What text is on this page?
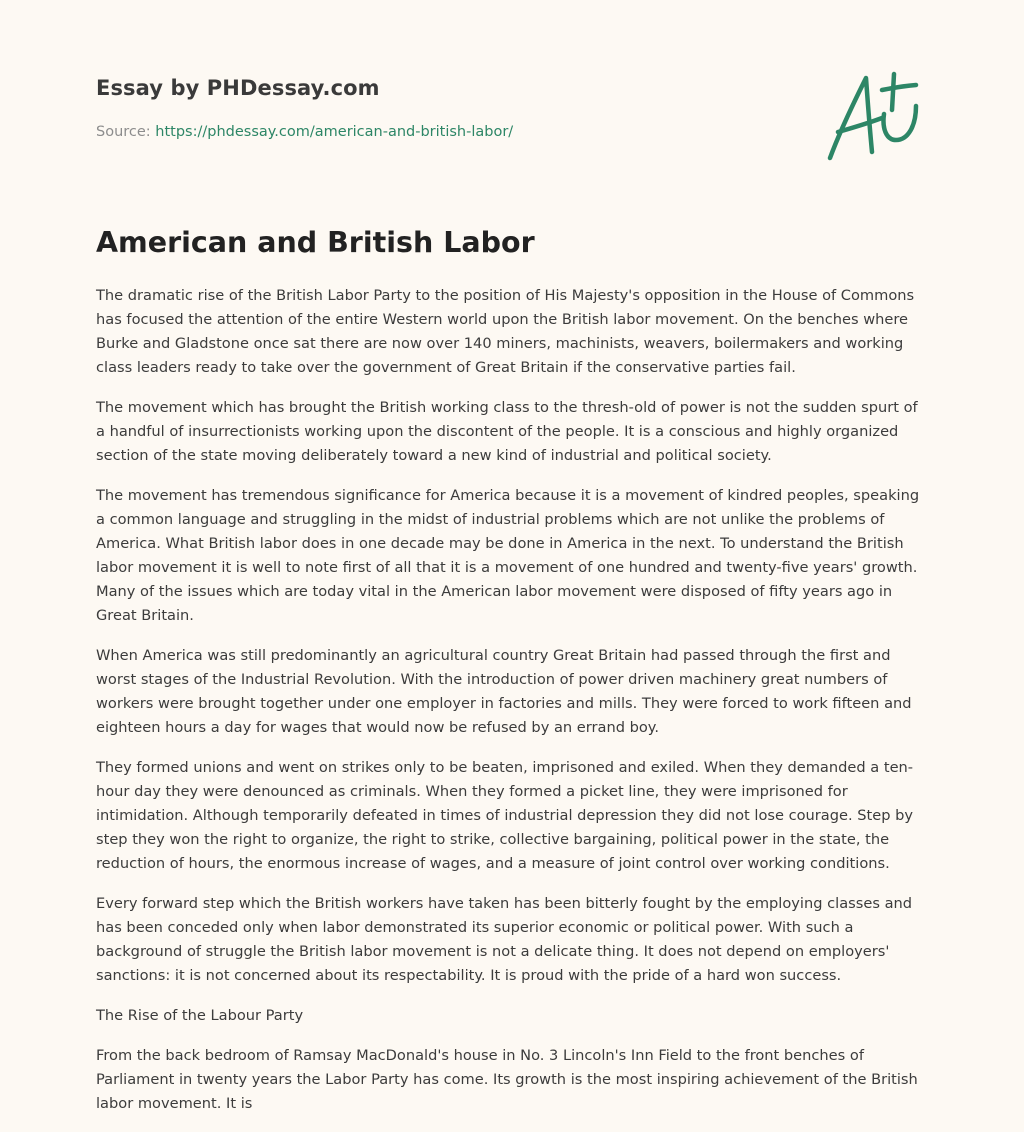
Essay by PHDessay.com
Source: https://phdessay.com/american-and-british-labor/
American and British Labor

The dramatic rise of the British Labor Party to the position of His Majesty's opposition in the House of Commons has focused the attention of the entire Western world upon the British labor movement. On the benches where Burke and Gladstone once sat there are now over 140 miners, machinists, weavers, boilermakers and working class leaders ready to take over the government of Great Britain if the conservative parties fail.

The movement which has brought the British working class to the thresh-old of power is not the sudden spurt of a handful of insurrectionists working upon the discontent of the people. It is a conscious and highly organized section of the state moving deliberately toward a new kind of industrial and political society.

The movement has tremendous significance for America because it is a movement of kindred peoples, speaking a common language and struggling in the midst of industrial problems which are not unlike the problems of America. What British labor does in one decade may be done in America in the next. To understand the British labor movement it is well to note first of all that it is a movement of one hundred and twenty-five years' growth. Many of the issues which are today vital in the American labor movement were disposed of fifty years ago in Great Britain.

When America was still predominantly an agricultural country Great Britain had passed through the first and worst stages of the Industrial Revolution. With the introduction of power driven machinery great numbers of workers were brought together under one employer in factories and mills. They were forced to work fifteen and eighteen hours a day for wages that would now be refused by an errand boy.

They formed unions and went on strikes only to be beaten, imprisoned and exiled. When they demanded a ten-hour day they were denounced as criminals. When they formed a picket line, they were imprisoned for intimidation. Although temporarily defeated in times of industrial depression they did not lose courage. Step by step they won the right to organize, the right to strike, collective bargaining, political power in the state, the reduction of hours, the enormous increase of wages, and a measure of joint control over working conditions.

Every forward step which the British workers have taken has been bitterly fought by the employing classes and has been conceded only when labor demonstrated its superior economic or political power. With such a background of struggle the British labor movement is not a delicate thing. It does not depend on employers' sanctions: it is not concerned about its respectability. It is proud with the pride of a hard won success.

The Rise of the Labour Party

From the back bedroom of Ramsay MacDonald's house in No. 3 Lincoln's Inn Field to the front benches of Parliament in twenty years the Labor Party has come. Its growth is the most inspiring achievement of the British labor movement. It is
